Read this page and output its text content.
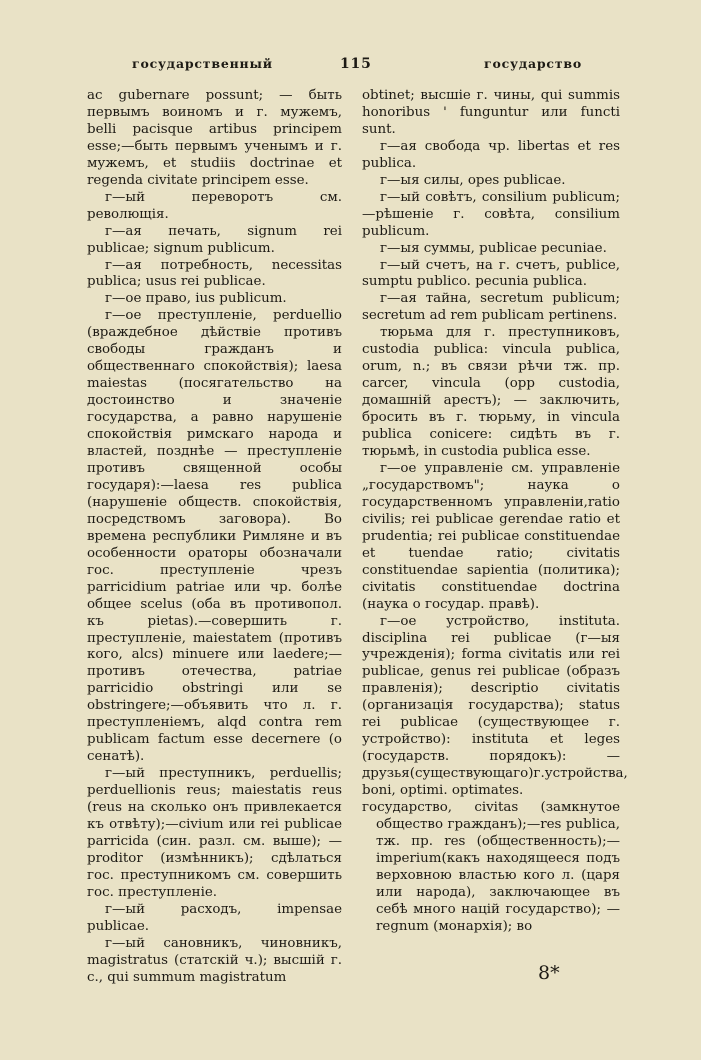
государственный	115	государство

ac gubernare possunt; — быть первымъ воиномъ и г. мужемъ, belli pacisque artibus principem esse;—быть первымъ ученымъ и г. мужемъ, et studiis doctrinae et regenda civitate principem esse.

г—ый переворотъ см. револющія.

г—ая печать, signum rei publicae; signum publicum.

г—ая потребность, necessitas publica; usus rei publicae.

г—ое право, ius publicum.

г—ое преступленіе, perduellio (враждебное дѣйствіе противъ свободы гражданъ и общественнаго спокойствія); laesa maiestas (посягательство на достоинство и значеніе государства, а равно нарушеніе спокойствія римскаго народа и властей, позднѣе — преступленіе противъ священной особы государя):—laesa res publica (нарушеніе обществ. спокойствія, посредствомъ заговора). Во времена республики Римляне и въ особенности ораторы обозначали гос. преступленіе чрезъ parricidium patriae или чр. болѣе общее scelus (оба въ противопол. къ pietas).—совершить г. преступленіе, maiestatem (противъ кого, alcs) minuere или laedere;—противъ отечества, patriae parricidio obstringi или se obstringere;—объявить что л. г. преступленіемъ, alqd contra rem publicam factum esse decernere (о сенатѣ).

г—ый преступникъ, perduellis; perduellionis reus; maiestatis reus (reus на сколько онъ привлекается къ отвѣту);—civium или rei publicae parricida (син. разл. см. выше); — proditor (измѣнникъ); сдѣлаться гос. преступникомъ см. совершить гос. преступленіе.

г—ый расходъ, impensae publicae.

г—ый сановникъ, чиновникъ, magistratus (статскій ч.); высшій г. с., qui summum magistratum

obtinet; высшіе г. чины, qui summis honoribus ' funguntur или functi sunt.

г—ая свобода чр. libertas et res publica.

г—ыя силы, opes publicae.

г—ый совѣтъ, consilium publicum;—рѣшеніе г. совѣта, consilium publicum.

г—ыя суммы, publicae pecuniae.

г—ый счетъ, на г. счетъ, publice, sumptu publico. pecunia publica.

г—ая тайна, secretum publicum; secretum ad rem publicam pertinens.

тюрьма для г. преступниковъ, custodia publica: vincula publica, orum, n.; въ связи рѣчи тж. пр. carcer, vincula (opp custodia, домашній арестъ); — заключить, бросить въ г. тюрьму, in vincula publica conicere: сидѣть въ г. тюрьмѣ, in custodia publica esse.

г—ое управленіе см. управленіе „государствомъ"; наука о государственномъ управленіи,ratio civilis; rei publicae gerendae ratio et prudentia; rei publicae constituendae et tuendae ratio; civitatis constituendae sapientia (политика); civitatis constituendae doctrina (наука о государ. правѣ).

г—ое устройство, instituta. disciplina rei publicae (г—ыя учрежденія); forma civitatis или rei publicae, genus rei publicae (образъ правленія); descriptio civitatis (организація государства); status rei publicae (существующее г. устройство): instituta et leges (государств. порядокъ): — друзья(существующаго)г.устройства, boni, optimi. optimates.

государство, civitas (замкнутое общество гражданъ);—res publica, тж. пр. res (общественность);—imperium(какъ находящееся подъ верховною властью кого л. (царя или народа), заключающее въ себѣ много націй государство); — regnum (монархія); во

8*
